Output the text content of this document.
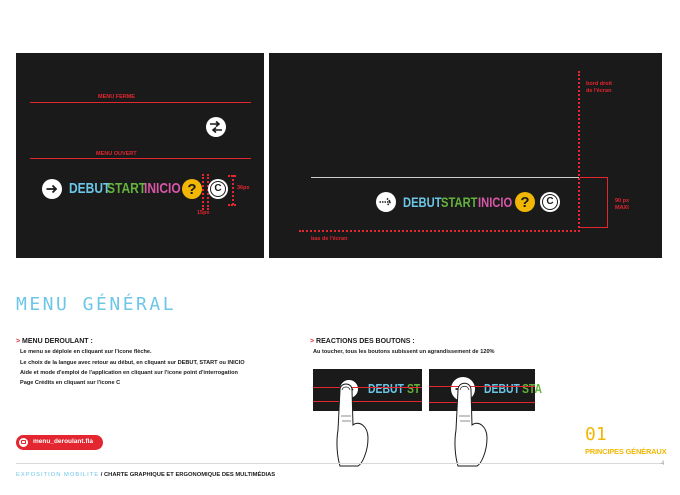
MENU FERME
MENU OUVERT
DEBUT
START
INICIO ?	C	36px
15px
bord droit
de l'écran
bas de l'écran
90 px
MAXI
DEBUT START INICIO ?	C
MENU GÉNÉRAL
> MENU DEROULANT :
Le menu se déploie en cliquant sur l'icone flèche.
Le choix de la langue avec retour au début, en cliquant sur DEBUT, START ou INICIO
Aide et mode d'emploi de l'application en cliquant sur l'icone point d'interrogation
Page Crédits en cliquant sur l'icone C
> REACTIONS DES BOUTONS :
Au toucher, tous les boutons subissent un agrandissement de 120%
DEBUT ST	DEBUT STA
menu_deroulant.fla	01
PRINCIPES GÉNÉRAUX
4
EXPOSITION MOBILITE / CHARTE GRAPHIQUE ET ERGONOMIQUE DES MULTIMÉDIAS
